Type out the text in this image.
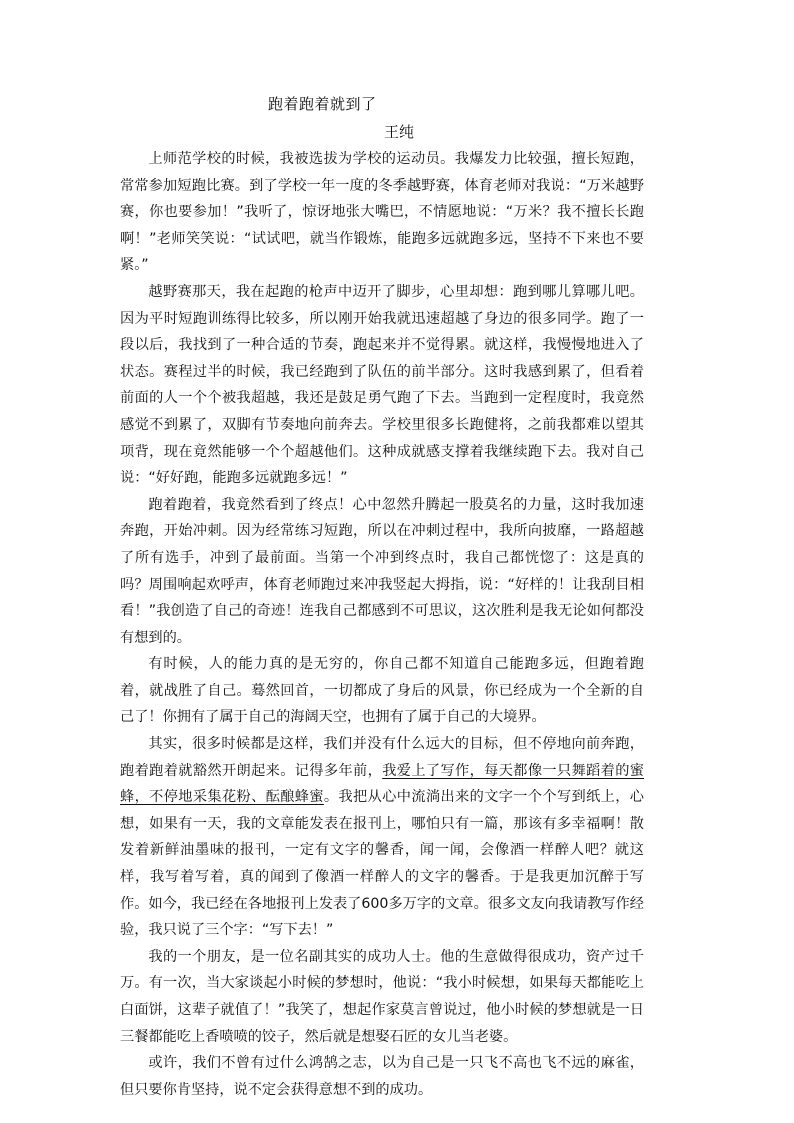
跑着跑着就到了
王纯

上师范学校的时候，我被选拔为学校的运动员。我爆发力比较强，擅长短跑，常常参加短跑比赛。到了学校一年一度的冬季越野赛，体育老师对我说：“万米越野赛，你也要参加！”我听了，惊讶地张大嘴巴，不情愿地说：“万米？我不擅长长跑啊！”老师笑笑说：“试试吧，就当作锻炼，能跑多远就跑多远，坚持不下来也不要紧。”

越野赛那天，我在起跑的枪声中迈开了脚步，心里却想：跑到哪儿算哪儿吧。因为平时短跑训练得比较多，所以刚开始我就迅速超越了身边的很多同学。跑了一段以后，我找到了一种合适的节奏，跑起来并不觉得累。就这样，我慢慢地进入了状态。赛程过半的时候，我已经跑到了队伍的前半部分。这时我感到累了，但看着前面的人一个个被我超越，我还是鼓足勇气跑了下去。当跑到一定程度时，我竟然感觉不到累了，双脚有节奏地向前奔去。学校里很多长跑健将，之前我都难以望其项背，现在竟然能够一个个超越他们。这种成就感支撑着我继续跑下去。我对自己说：“好好跑，能跑多远就跑多远！”

跑着跑着，我竟然看到了终点！心中忽然升腾起一股莫名的力量，这时我加速奔跑，开始冲刺。因为经常练习短跑，所以在冲刺过程中，我所向披靡，一路超越了所有选手，冲到了最前面。当第一个冲到终点时，我自己都恍惚了：这是真的吗？周围响起欢呼声，体育老师跑过来冲我竖起大拇指，说：“好样的！让我刮目相看！”我创造了自己的奇迹！连我自己都感到不可思议，这次胜利是我无论如何都没有想到的。

有时候，人的能力真的是无穷的，你自己都不知道自己能跑多远，但跑着跑着，就战胜了自己。蓦然回首，一切都成了身后的风景，你已经成为一个全新的自己了！你拥有了属于自己的海阔天空，也拥有了属于自己的大境界。

其实，很多时候都是这样，我们并没有什么远大的目标，但不停地向前奔跑，跑着跑着就豁然开朗起来。记得多年前，我爱上了写作，每天都像一只舞蹈着的蜜蜂，不停地采集花粉、酝酿蜂蜜。我把从心中流淌出来的文字一个个写到纸上，心想，如果有一天，我的文章能发表在报刊上，哪怕只有一篇，那该有多幸福啊！散发着新鲜油墨味的报刊，一定有文字的馨香，闻一闻，会像酒一样醉人吧？就这样，我写着写着，真的闻到了像酒一样醉人的文字的馨香。于是我更加沉醉于写作。如今，我已经在各地报刊上发表了600多万字的文章。很多文友向我请教写作经验，我只说了三个字：“写下去！”

我的一个朋友，是一位名副其实的成功人士。他的生意做得很成功，资产过千万。有一次，当大家谈起小时候的梦想时，他说：“我小时候想，如果每天都能吃上白面饼，这辈子就值了！”我笑了，想起作家莫言曾说过，他小时候的梦想就是一日三餐都能吃上香喷喷的饺子，然后就是想娶石匠的女儿当老婆。

或许，我们不曾有过什么鸿鹄之志，以为自己是一只飞不高也飞不远的麻雀，但只要你肯坚持，说不定会获得意想不到的成功。
